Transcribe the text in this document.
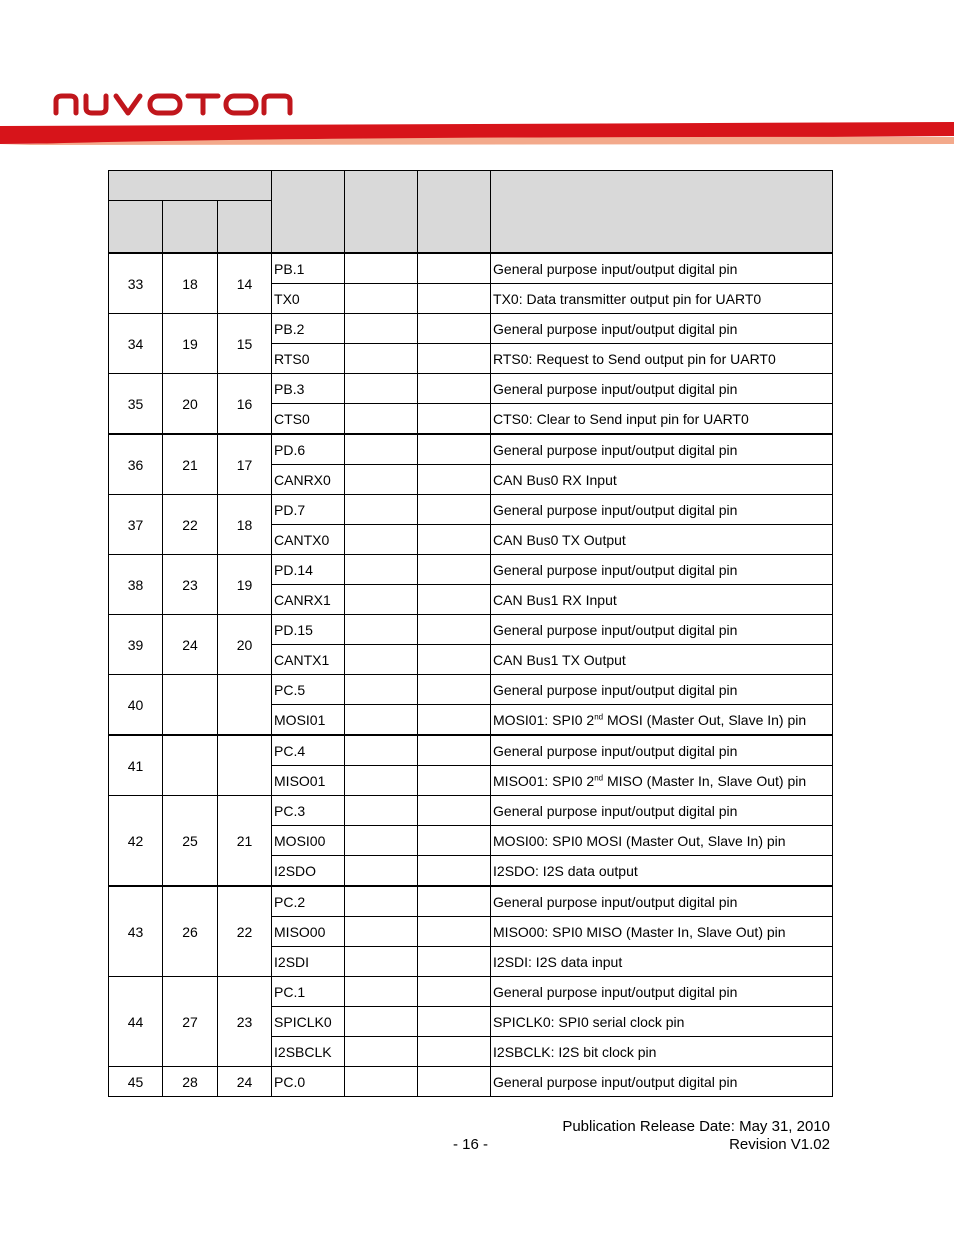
33	18	14	PB.1			General purpose input/output digital pin
			TX0			TX0: Data transmitter output pin for UART0
34	19	15	PB.2			General purpose input/output digital pin
			RTS0			RTS0: Request to Send output pin for UART0
35	20	16	PB.3			General purpose input/output digital pin
			CTS0			CTS0: Clear to Send input pin for UART0
36	21	17	PD.6			General purpose input/output digital pin
			CANRX0			CAN Bus0 RX Input
37	22	18	PD.7			General purpose input/output digital pin
			CANTX0			CAN Bus0 TX Output
38	23	19	PD.14			General purpose input/output digital pin
			CANRX1			CAN Bus1 RX Input
39	24	20	PD.15			General purpose input/output digital pin
			CANTX1			CAN Bus1 TX Output
40			PC.5			General purpose input/output digital pin
			MOSI01			MOSI01: SPI0 2nd MOSI (Master Out, Slave In) pin
41			PC.4			General purpose input/output digital pin
			MISO01			MISO01: SPI0 2nd MISO (Master In, Slave Out) pin
42	25	21	PC.3			General purpose input/output digital pin
			MOSI00			MOSI00: SPI0 MOSI (Master Out, Slave In) pin
			I2SDO			I2SDO: I2S data output
43	26	22	PC.2			General purpose input/output digital pin
			MISO00			MISO00: SPI0 MISO (Master In, Slave Out) pin
			I2SDI			I2SDI: I2S data input
44	27	23	PC.1			General purpose input/output digital pin
			SPICLK0			SPICLK0: SPI0 serial clock pin
			I2SBCLK			I2SBCLK: I2S bit clock pin
45	28	24	PC.0			General purpose input/output digital pin
Publication Release Date: May 31, 2010
- 16 -	Revision V1.02
